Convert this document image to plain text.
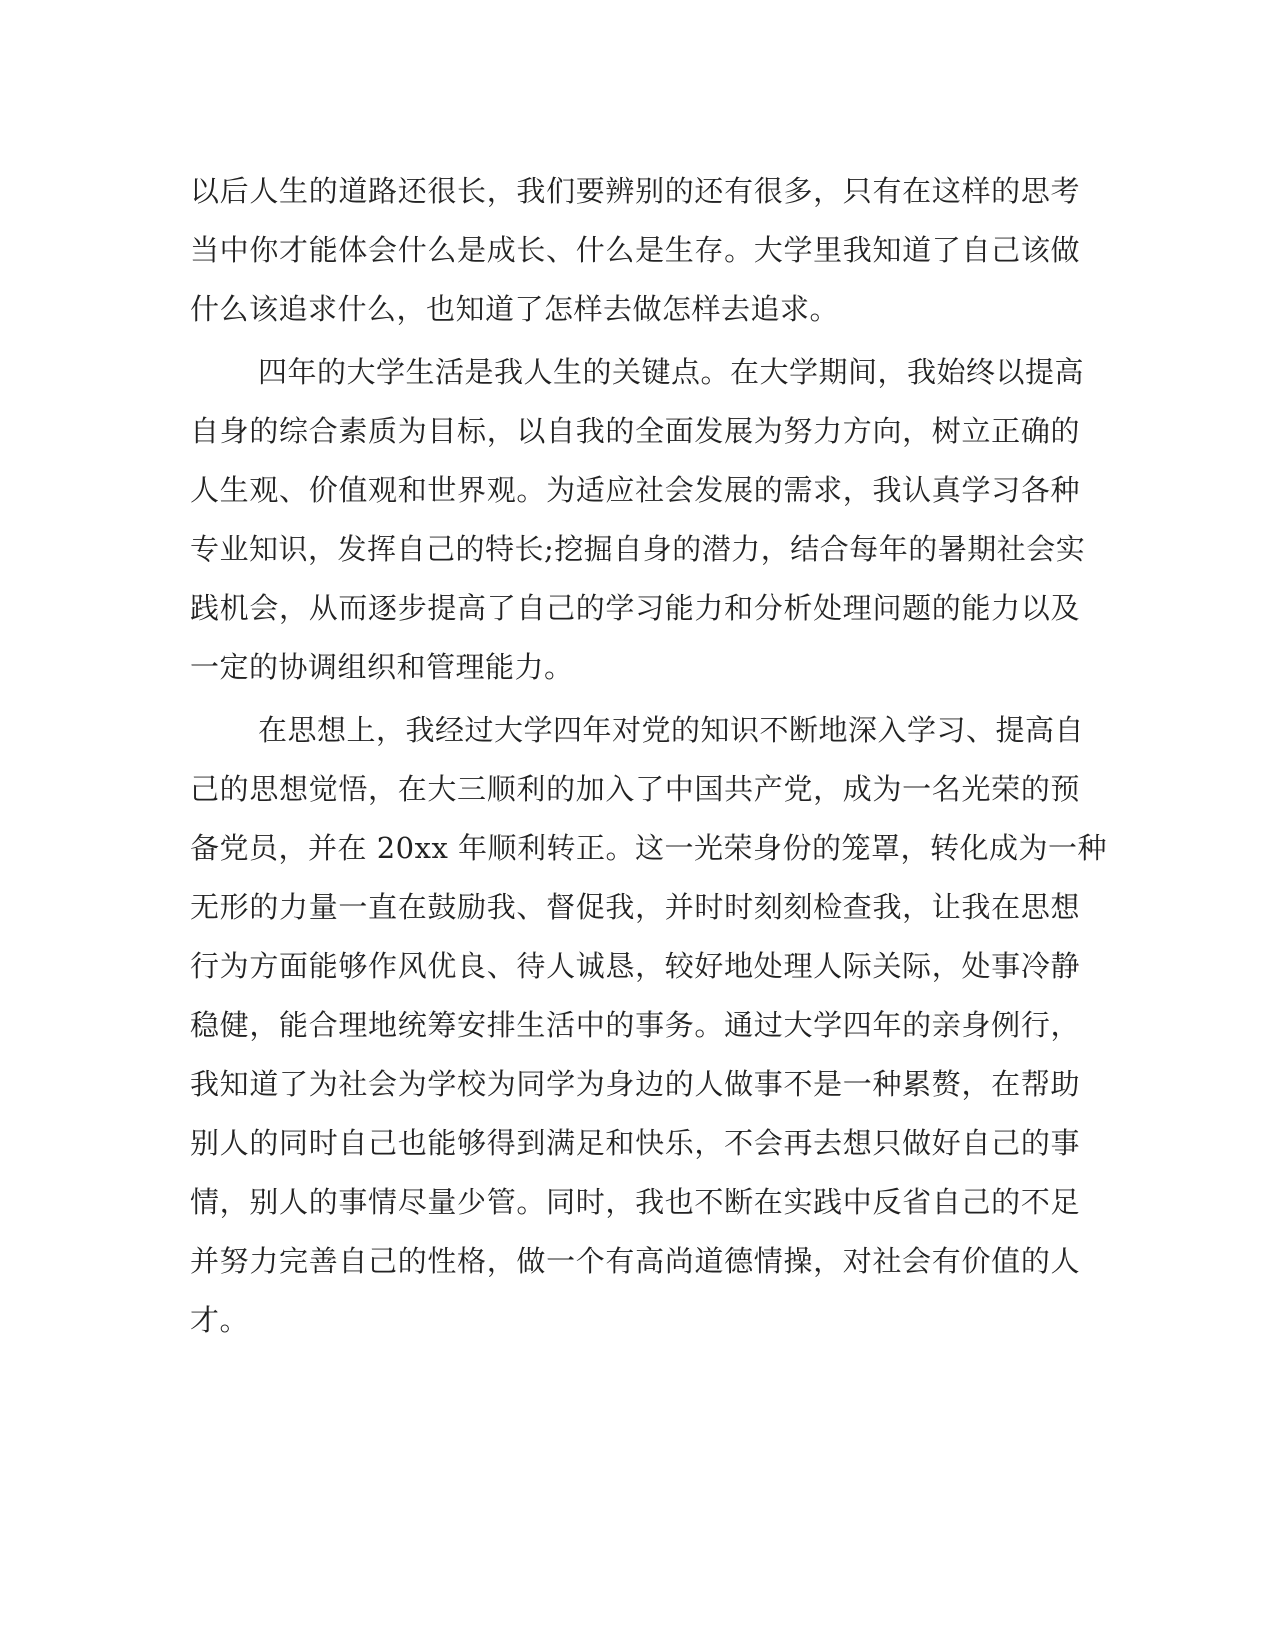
以后人生的道路还很长，我们要辨别的还有很多，只有在这样的思考
当中你才能体会什么是成长、什么是生存。大学里我知道了自己该做
什么该追求什么，也知道了怎样去做怎样去追求。
四年的大学生活是我人生的关键点。在大学期间，我始终以提高
自身的综合素质为目标，以自我的全面发展为努力方向，树立正确的
人生观、价值观和世界观。为适应社会发展的需求，我认真学习各种
专业知识，发挥自己的特长;挖掘自身的潜力，结合每年的暑期社会实
践机会，从而逐步提高了自己的学习能力和分析处理问题的能力以及
一定的协调组织和管理能力。
在思想上，我经过大学四年对党的知识不断地深入学习、提高自
己的思想觉悟，在大三顺利的加入了中国共产党，成为一名光荣的预
备党员，并在 20xx 年顺利转正。这一光荣身份的笼罩，转化成为一种
无形的力量一直在鼓励我、督促我，并时时刻刻检查我，让我在思想
行为方面能够作风优良、待人诚恳，较好地处理人际关际，处事冷静
稳健，能合理地统筹安排生活中的事务。通过大学四年的亲身例行，
我知道了为社会为学校为同学为身边的人做事不是一种累赘，在帮助
别人的同时自己也能够得到满足和快乐，不会再去想只做好自己的事
情，别人的事情尽量少管。同时，我也不断在实践中反省自己的不足
并努力完善自己的性格，做一个有高尚道德情操，对社会有价值的人
才。
